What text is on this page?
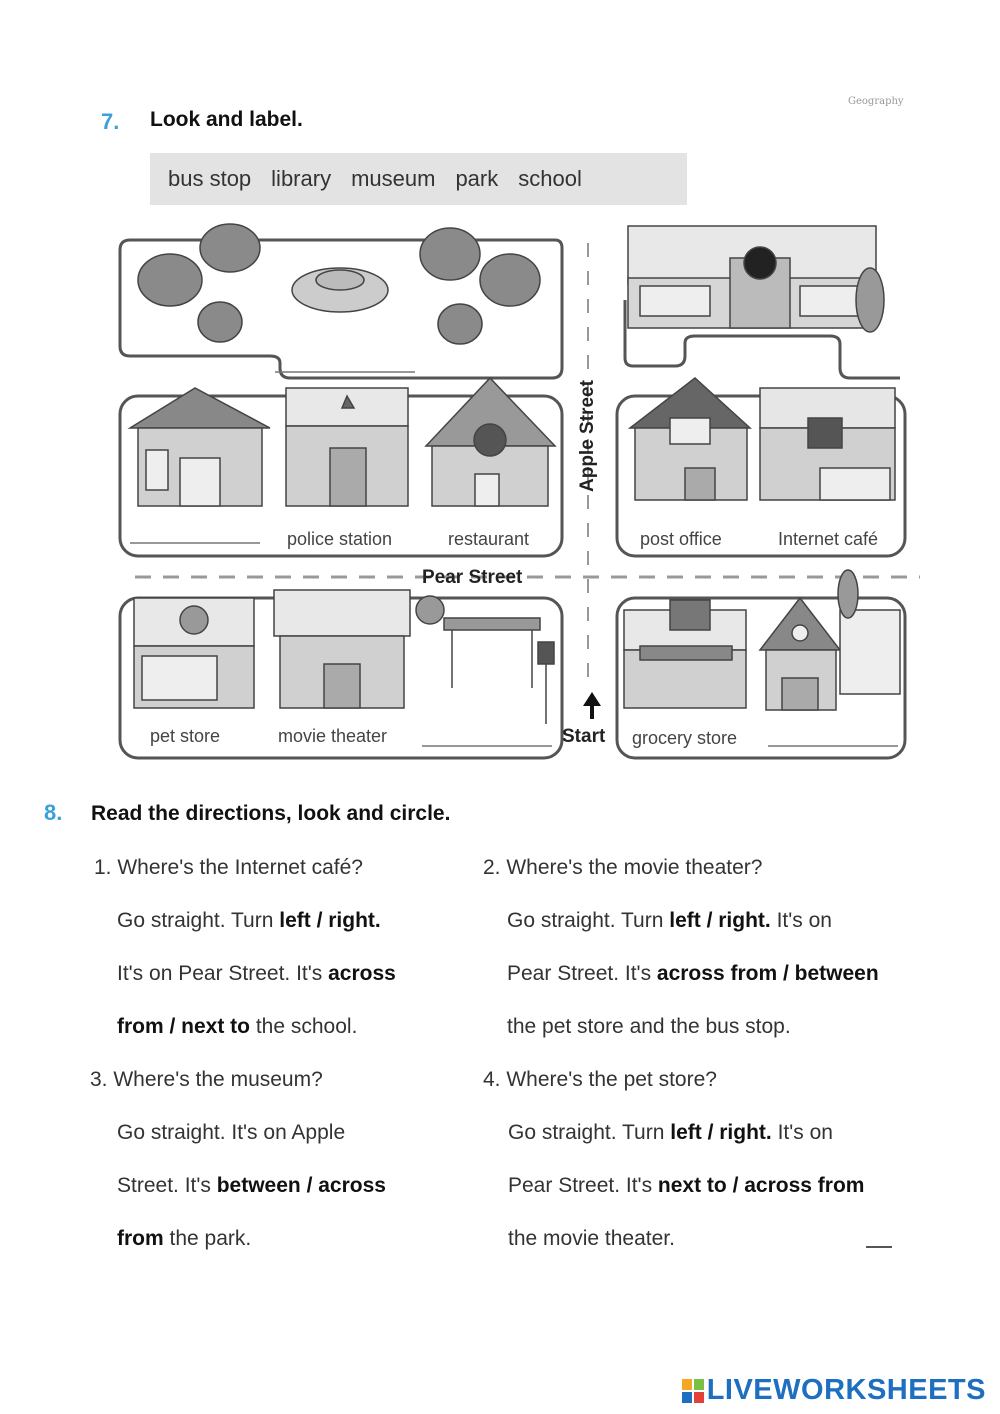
Geography
7. Look and label.
bus stop library museum park school
Apple Street
Pear Street
Start
police station	restaurant	post office	Internet café
pet store	movie theater	grocery store
8. Read the directions, look and circle.
1. Where's the Internet café?
Go straight. Turn left / right.
It's on Pear Street. It's across
from / next to the school.
2. Where's the movie theater?
Go straight. Turn left / right. It's on
Pear Street. It's across from / between
the pet store and the bus stop.
3. Where's the museum?
Go straight. It's on Apple
Street. It's between / across
from the park.
4. Where's the pet store?
Go straight. Turn left / right. It's on
Pear Street. It's next to / across from
the movie theater.
LIVEWORKSHEETS
